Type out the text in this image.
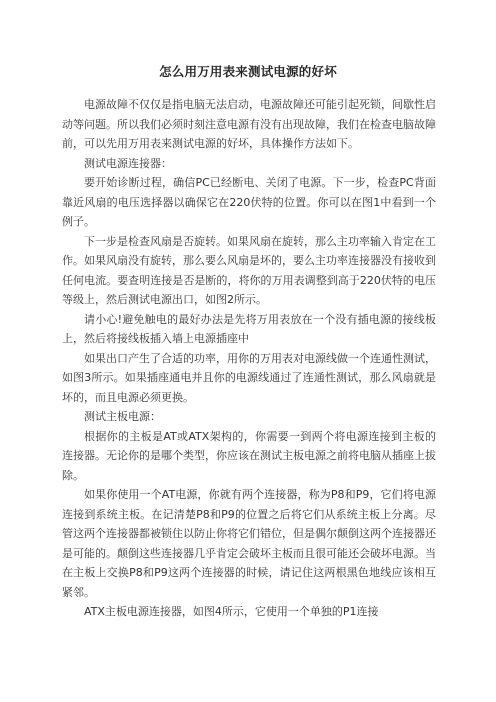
怎么用万用表来测试电源的好坏

电源故障不仅仅是指电脑无法启动，电源故障还可能引起死锁，间歇性启动等问题。所以我们必须时刻注意电源有没有出现故障，我们在检查电脑故障前，可以先用万用表来测试电源的好坏，具体操作方法如下。

测试电源连接器：

要开始诊断过程，确信PC已经断电、关闭了电源。下一步，检查PC背面靠近风扇的电压选择器以确保它在220伏特的位置。你可以在图1中看到一个例子。

下一步是检查风扇是否旋转。如果风扇在旋转，那么主功率输入肯定在工作。如果风扇没有旋转，那么要么风扇是坏的，要么主功率连接器没有接收到任何电流。要查明连接是否是断的，将你的万用表调整到高于220伏特的电压等级上，然后测试电源出口，如图2所示。

请小心!避免触电的最好办法是先将万用表放在一个没有插电源的接线板上，然后将接线板插入墙上电源插座中

如果出口产生了合适的功率，用你的万用表对电源线做一个连通性测试，如图3所示。如果插座通电并且你的电源线通过了连通性测试，那么风扇就是坏的，而且电源必须更换。

测试主板电源：

根据你的主板是AT或ATX架构的，你需要一到两个将电源连接到主板的连接器。无论你的是哪个类型，你应该在测试主板电源之前将电脑从插座上拔除。

如果你使用一个AT电源，你就有两个连接器，称为P8和P9，它们将电源连接到系统主板。在记清楚P8和P9的位置之后将它们从系统主板上分离。尽管这两个连接器都被锁住以防止你将它们错位，但是偶尔颠倒这两个连接器还是可能的。颠倒这些连接器几乎肯定会破坏主板而且很可能还会破坏电源。当在主板上交换P8和P9这两个连接器的时候，请记住这两根黑色地线应该相互紧邻。

ATX主板电源连接器，如图4所示，它使用一个单独的P1连接
